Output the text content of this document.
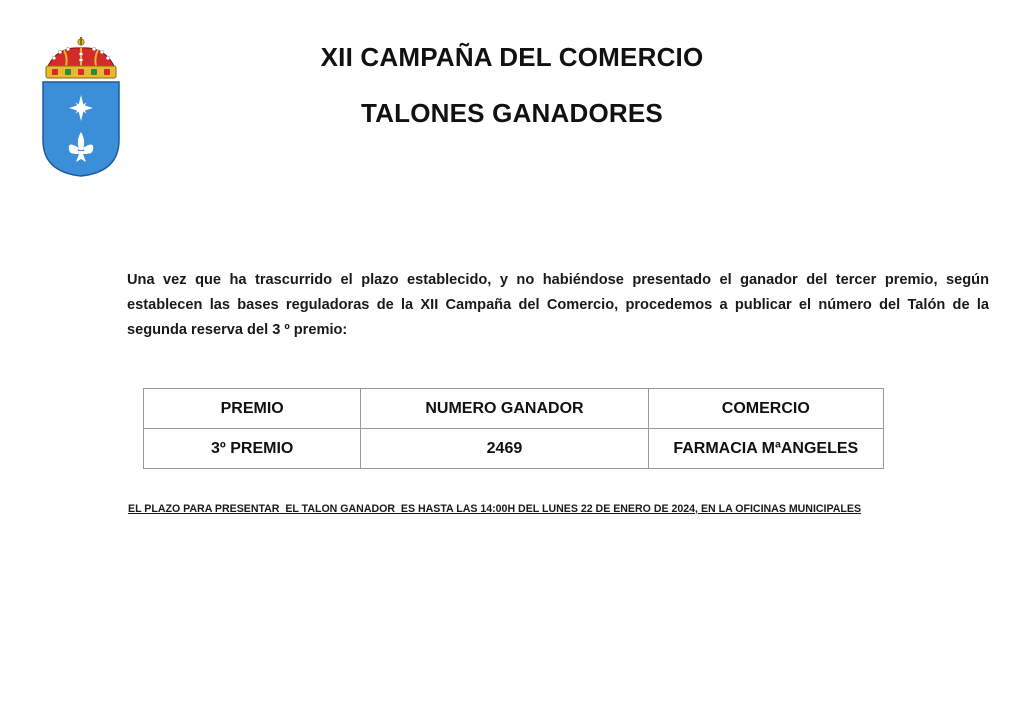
XII CAMPAÑA DEL COMERCIO
TALONES GANADORES

Una vez que ha trascurrido el plazo establecido, y no habiéndose presentado el ganador del tercer premio, según establecen las bases reguladoras de la XII Campaña del Comercio, procedemos a publicar el número del Talón de la segunda reserva del 3 º premio:

PREMIO	NUMERO GANADOR	COMERCIO
3º PREMIO	2469	FARMACIA MªANGELES
EL PLAZO PARA PRESENTAR  EL TALON GANADOR  ES HASTA LAS 14:00H DEL LUNES 22 DE ENERO DE 2024, EN LA OFICINAS MUNICIPALES
